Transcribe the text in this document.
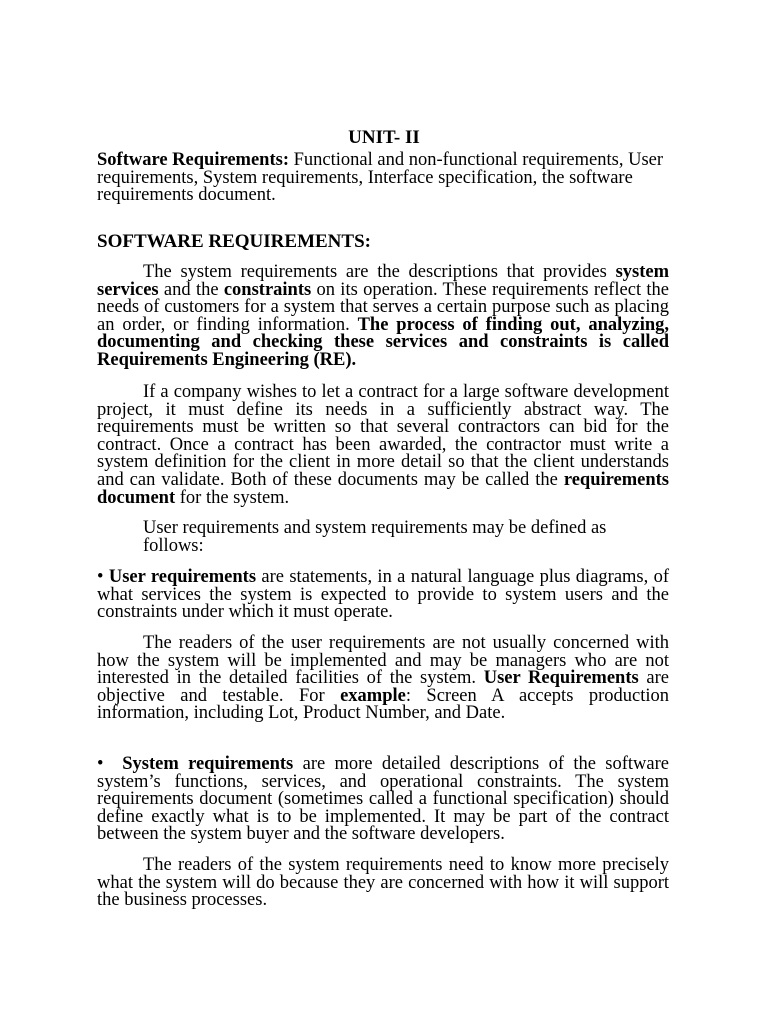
UNIT- II
Software Requirements: Functional and non-functional requirements, User requirements, System requirements, Interface specification, the software requirements document.
SOFTWARE REQUIREMENTS:
The system requirements are the descriptions that provides system services and the constraints on its operation. These requirements reflect the needs of customers for a system that serves a certain purpose such as placing an order, or finding information. The process of finding out, analyzing, documenting and checking these services and constraints is called Requirements Engineering (RE).
If a company wishes to let a contract for a large software development project, it must define its needs in a sufficiently abstract way. The requirements must be written so that several contractors can bid for the contract. Once a contract has been awarded, the contractor must write a system definition for the client in more detail so that the client understands and can validate. Both of these documents may be called the requirements document for the system.
User requirements and system requirements may be defined as follows:
• User requirements are statements, in a natural language plus diagrams, of what services the system is expected to provide to system users and the constraints under which it must operate.
The readers of the user requirements are not usually concerned with how the system will be implemented and may be managers who are not interested in the detailed facilities of the system. User Requirements are objective and testable. For example: Screen A accepts production information, including Lot, Product Number, and Date.
• System requirements are more detailed descriptions of the software system’s functions, services, and operational constraints. The system requirements document (sometimes called a functional specification) should define exactly what is to be implemented. It may be part of the contract between the system buyer and the software developers.
The readers of the system requirements need to know more precisely what the system will do because they are concerned with how it will support the business processes.
